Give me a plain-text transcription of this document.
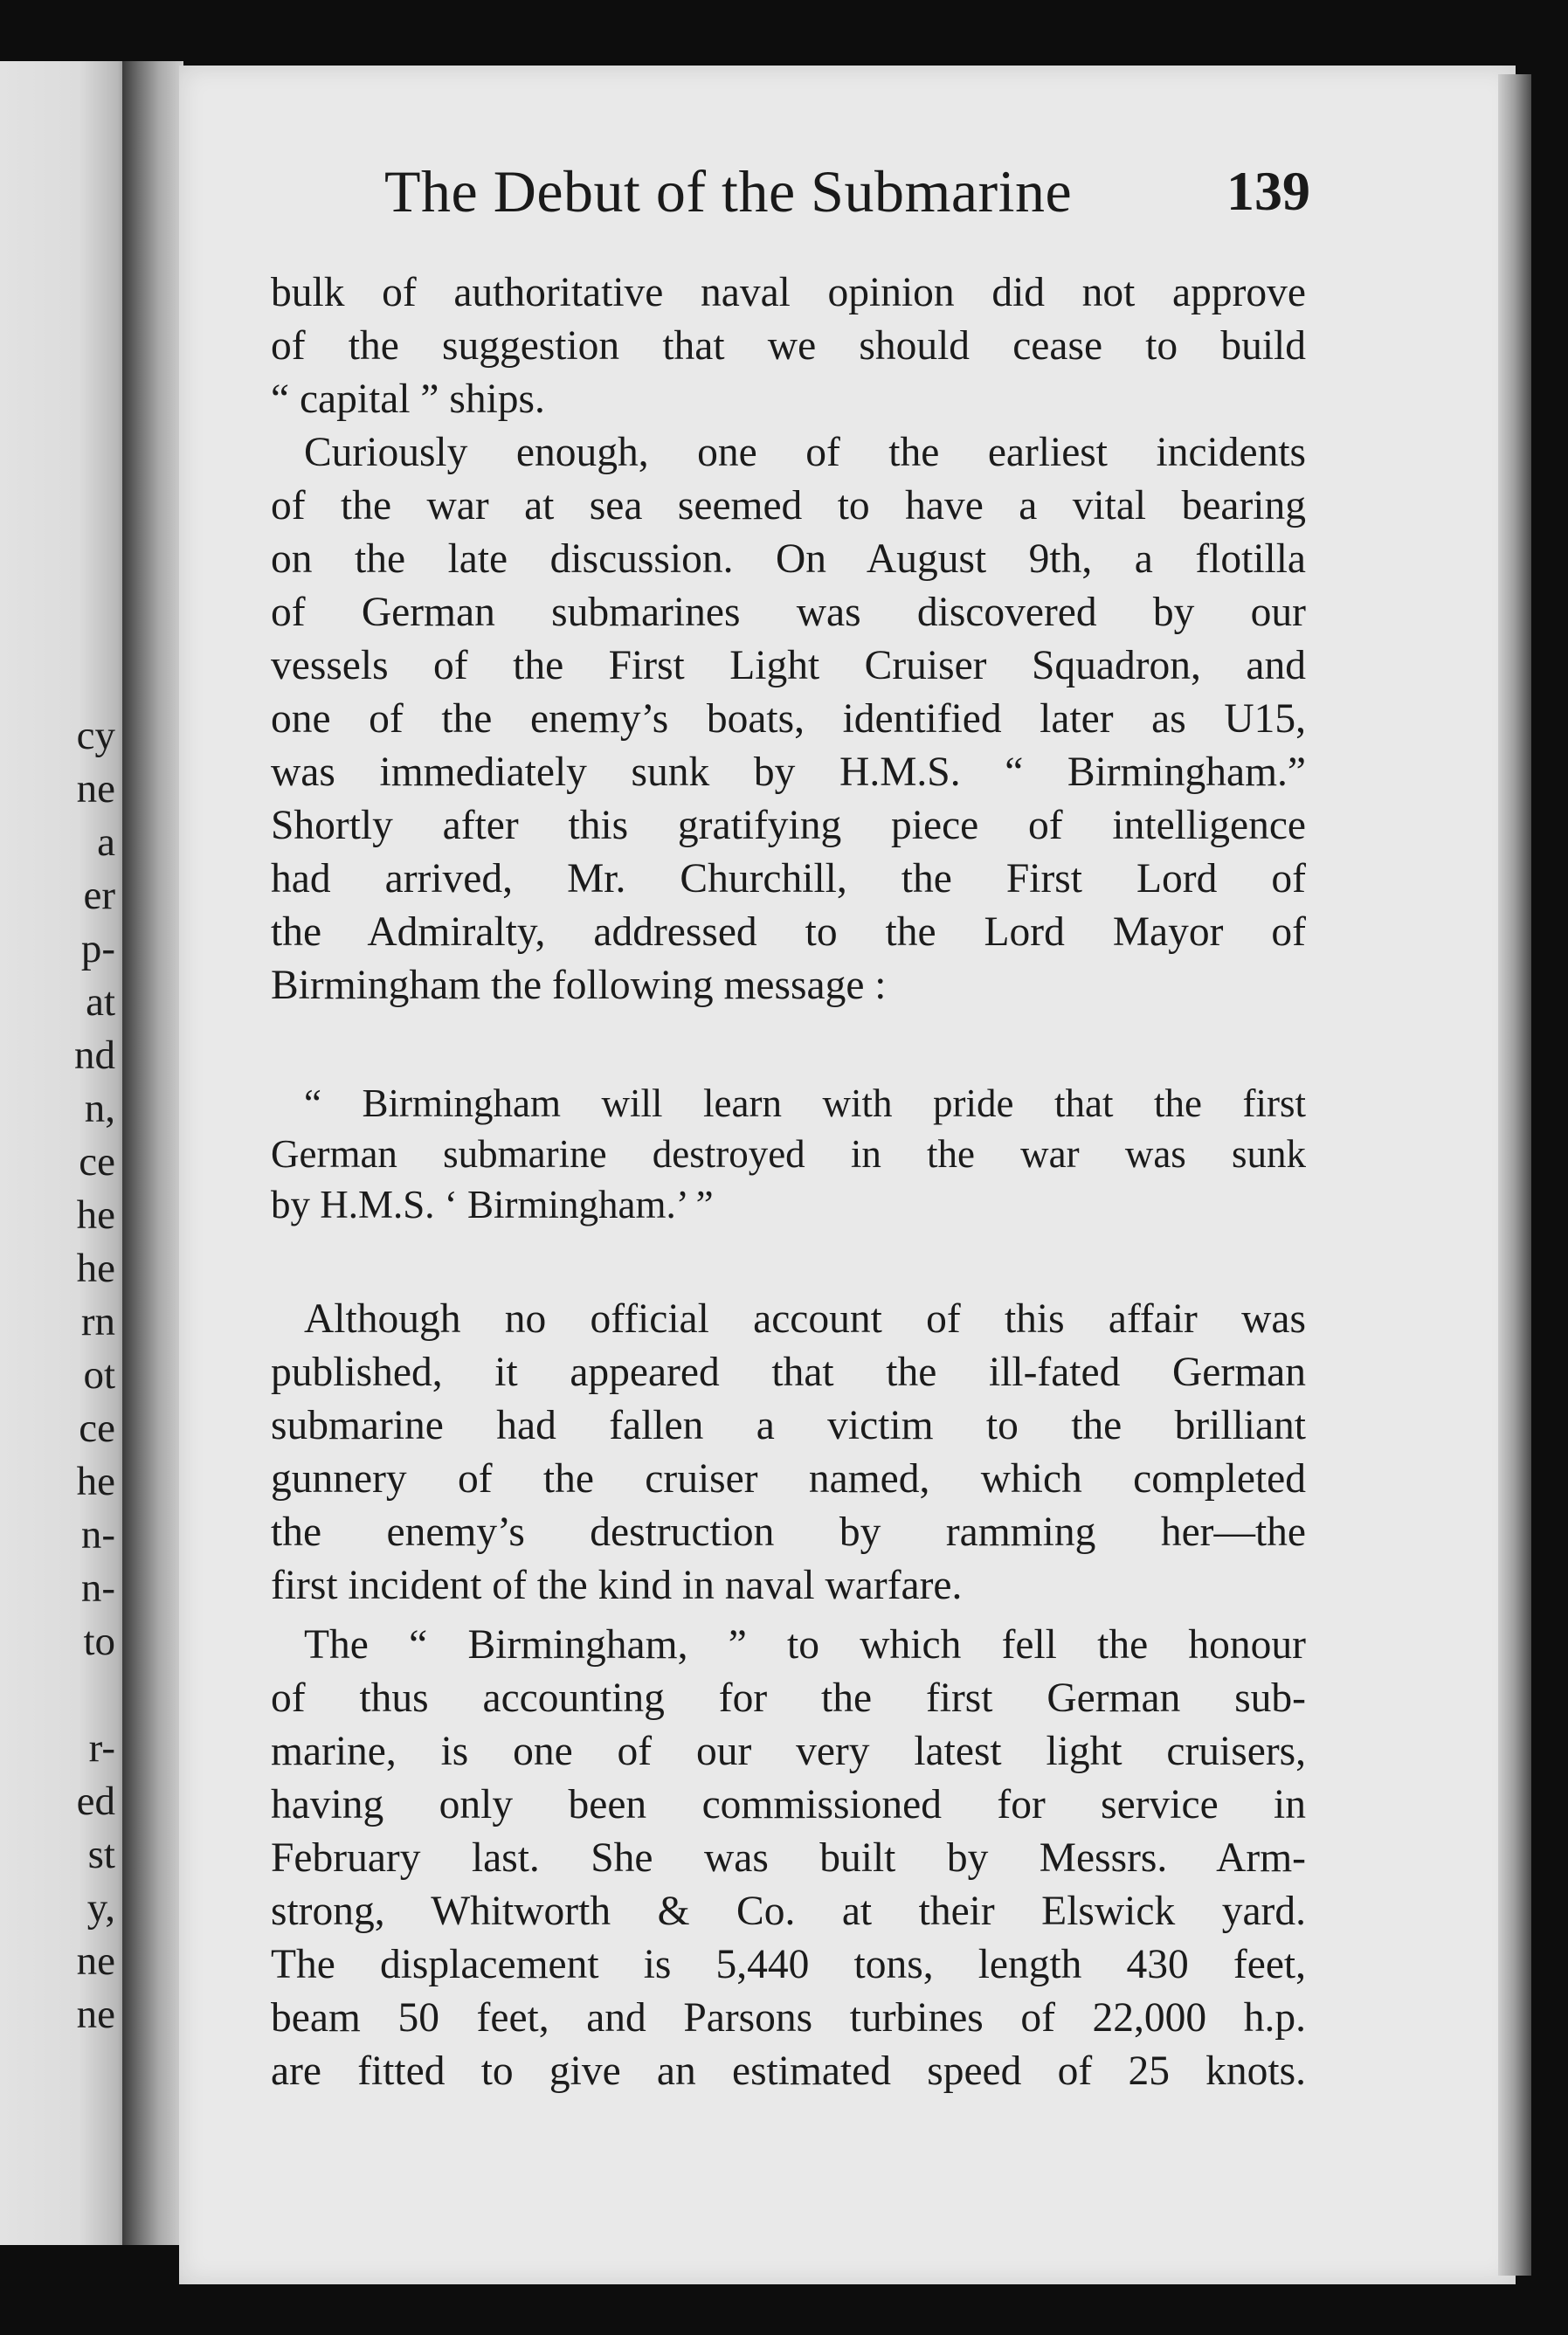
cy
ne
a
er
p-
at
nd
n,
ce
he
he
rn
ot
ce
he
n-
n-
to
r-
ed
st
y,
ne
ne
The Debut of the Submarine	139
bulk of authoritative naval opinion did not approve
of the suggestion that we should cease to build
“ capital ” ships.
Curiously enough, one of the earliest incidents
of the war at sea seemed to have a vital bearing
on the late discussion. On August 9th, a flotilla
of German submarines was discovered by our
vessels of the First Light Cruiser Squadron, and
one of the enemy’s boats, identified later as U15,
was immediately sunk by H.M.S. “ Birmingham.”
Shortly after this gratifying piece of intelligence
had arrived, Mr. Churchill, the First Lord of
the Admiralty, addressed to the Lord Mayor of
Birmingham the following message :
“ Birmingham will learn with pride that the first
German submarine destroyed in the war was sunk
by H.M.S. ‘ Birmingham.’ ”
Although no official account of this affair was
published, it appeared that the ill-fated German
submarine had fallen a victim to the brilliant
gunnery of the cruiser named, which completed
the enemy’s destruction by ramming her—the
first incident of the kind in naval warfare.
The “ Birmingham, ” to which fell the honour
of thus accounting for the first German sub-
marine, is one of our very latest light cruisers,
having only been commissioned for service in
February last. She was built by Messrs. Arm-
strong, Whitworth & Co. at their Elswick yard.
The displacement is 5,440 tons, length 430 feet,
beam 50 feet, and Parsons turbines of 22,000 h.p.
are fitted to give an estimated speed of 25 knots.
